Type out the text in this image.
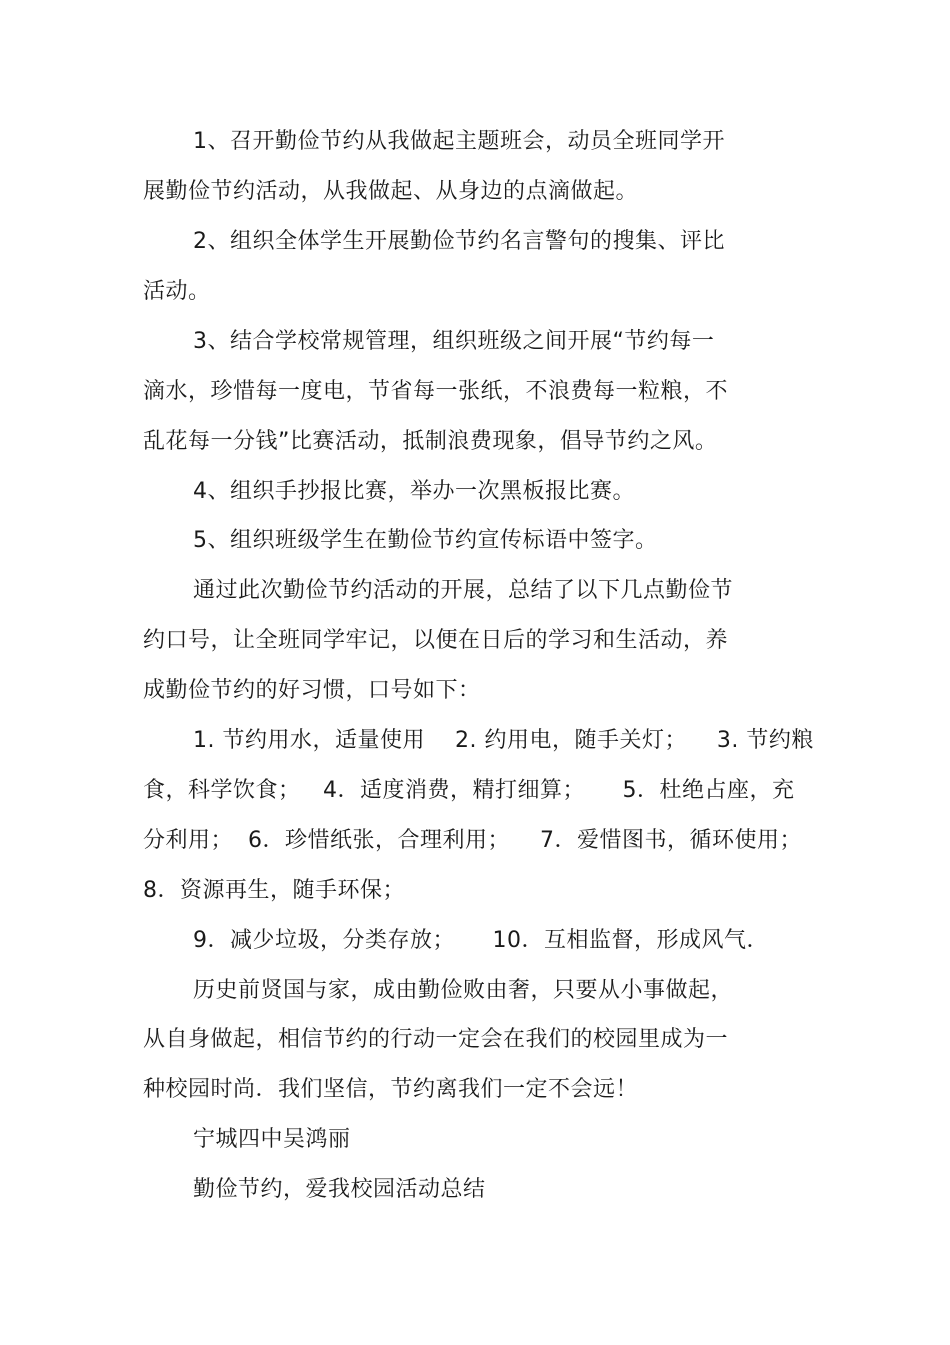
1、召开勤俭节约从我做起主题班会，动员全班同学开
展勤俭节约活动，从我做起、从身边的点滴做起。
2、组织全体学生开展勤俭节约名言警句的搜集、评比
活动。
3、结合学校常规管理，组织班级之间开展“节约每一
滴水，珍惜每一度电，节省每一张纸，不浪费每一粒粮，不
乱花每一分钱”比赛活动，抵制浪费现象，倡导节约之风。
4、组织手抄报比赛，举办一次黑板报比赛。
5、组织班级学生在勤俭节约宣传标语中签字。
通过此次勤俭节约活动的开展，总结了以下几点勤俭节
约口号，让全班同学牢记，以便在日后的学习和生活动，养
成勤俭节约的好习惯，口号如下：
1. 节约用水，适量使用    2. 约用电，随手关灯；    3. 节约粮
食，科学饮食；   4．适度消费，精打细算；     5．杜绝占座，充
分利用；  6．珍惜纸张，合理利用；    7．爱惜图书，循环使用；
8．资源再生，随手环保；
9．减少垃圾，分类存放；     10．互相监督，形成风气．
历史前贤国与家，成由勤俭败由奢，只要从小事做起，
从自身做起，相信节约的行动一定会在我们的校园里成为一
种校园时尚．我们坚信，节约离我们一定不会远！
宁城四中吴鸿丽
勤俭节约，爱我校园活动总结
